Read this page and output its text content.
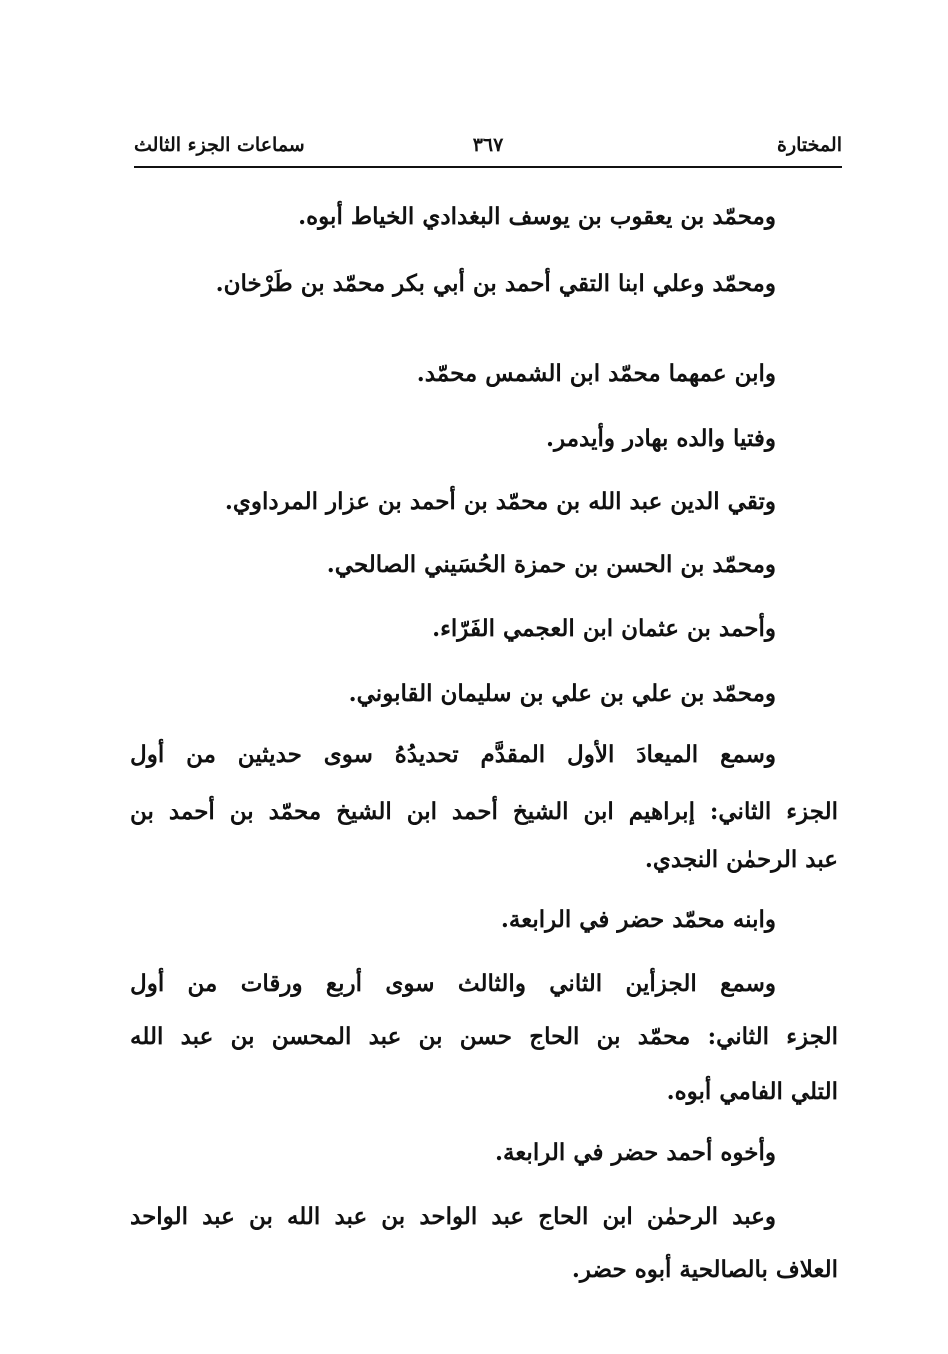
المختارة
٣٦٧
سماعات الجزء الثالث
ومحمّد بن يعقوب بن يوسف البغدادي الخياط أبوه.
ومحمّد وعلي ابنا التقي أحمد بن أبي بكر محمّد بن طَرْخان.
وابن عمهما محمّد ابن الشمس محمّد.
وفتيا والده بهادر وأيدمر.
وتقي الدين عبد الله بن محمّد بن أحمد بن عزار المرداوي.
ومحمّد بن الحسن بن حمزة الحُسَيني الصالحي.
وأحمد بن عثمان ابن العجمي الفَرّاء.
ومحمّد بن علي بن علي بن سليمان القابوني.
وسمع الميعادَ الأول المقدَّم تحديدُهُ سوى حديثين من أول
الجزء الثاني: إبراهيم ابن الشيخ أحمد ابن الشيخ محمّد بن أحمد بن
عبد الرحمٰن النجدي.
وابنه محمّد حضر في الرابعة.
وسمع الجزأين الثاني والثالث سوى أربع ورقات من أول
الجزء الثاني: محمّد بن الحاج حسن بن عبد المحسن بن عبد الله
التلي الفامي أبوه.
وأخوه أحمد حضر في الرابعة.
وعبد الرحمٰن ابن الحاج عبد الواحد بن عبد الله بن عبد الواحد
العلاف بالصالحية أبوه حضر.
